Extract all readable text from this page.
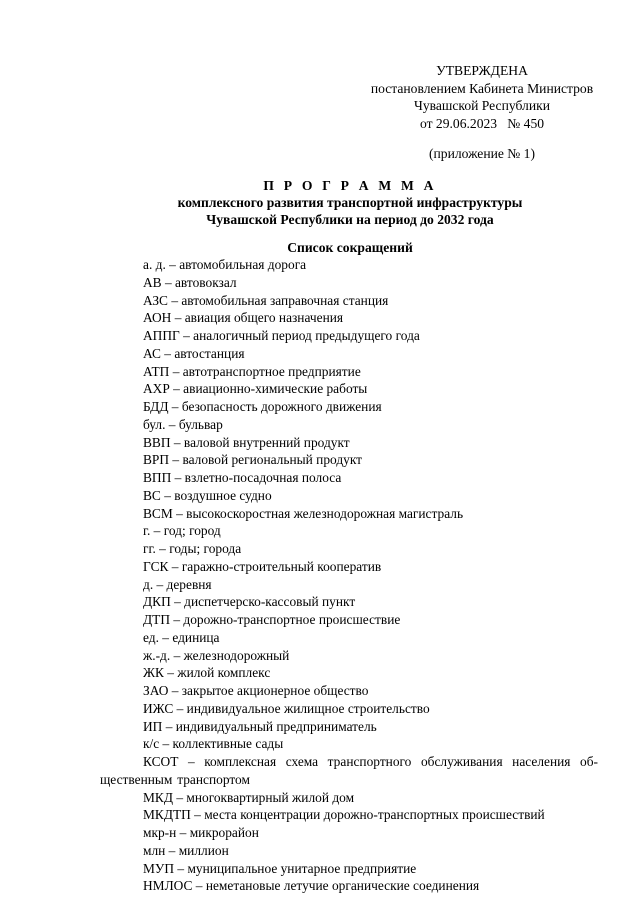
УТВЕРЖДЕНА
постановлением Кабинета Министров
Чувашской Республики
от 29.06.2023   № 450
(приложение № 1)
П Р О Г Р А М М А
комплексного развития транспортной инфраструктуры
Чувашской Республики на период до 2032 года
Список сокращений
а. д. – автомобильная дорога
АВ – автовокзал
АЗС – автомобильная заправочная станция
АОН – авиация общего назначения
АППГ – аналогичный период предыдущего года
АС – автостанция
АТП – автотранспортное предприятие
АХР – авиационно-химические работы
БДД – безопасность дорожного движения
бул. – бульвар
ВВП – валовой внутренний продукт
ВРП – валовой региональный продукт
ВПП – взлетно-посадочная полоса
ВС – воздушное судно
ВСМ – высокоскоростная железнодорожная магистраль
г. – год; город
гг. – годы; города
ГСК – гаражно-строительный кооператив
д. – деревня
ДКП – диспетчерско-кассовый пункт
ДТП – дорожно-транспортное происшествие
ед. – единица
ж.-д. – железнодорожный
ЖК – жилой комплекс
ЗАО – закрытое акционерное общество
ИЖС – индивидуальное жилищное строительство
ИП – индивидуальный предприниматель
к/с – коллективные сады
КСОТ – комплексная схема транспортного обслуживания населения об-щественным транспортом
МКД – многоквартирный жилой дом
МКДТП – места концентрации дорожно-транспортных происшествий
мкр-н – микрорайон
млн – миллион
МУП – муниципальное унитарное предприятие
НМЛОС – неметановые летучие органические соединения
